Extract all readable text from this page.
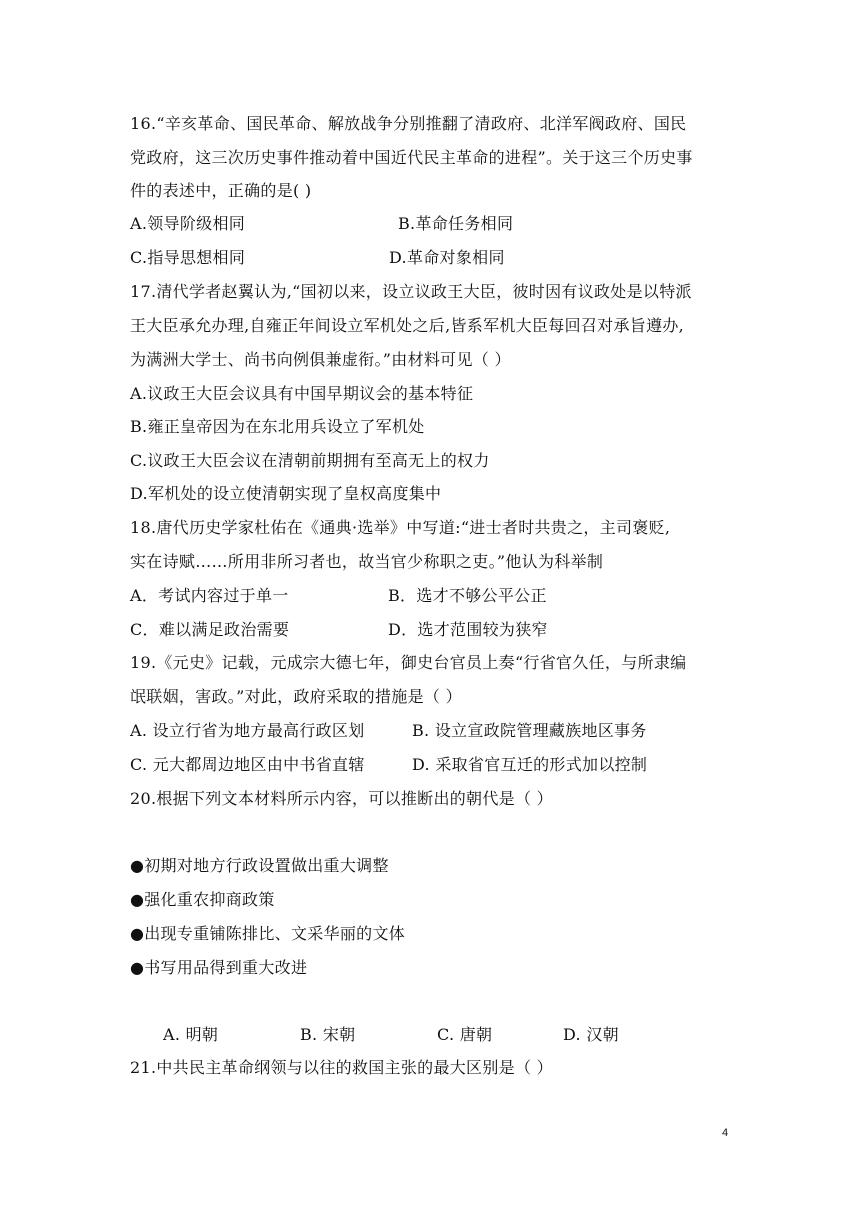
16.“辛亥革命、国民革命、解放战争分别推翻了清政府、北洋军阀政府、国民
党政府，这三次历史事件推动着中国近代民主革命的进程”。关于这三个历史事
件的表述中，正确的是( )
A.领导阶级相同	B.革命任务相同
C.指导思想相同	D.革命对象相同
17.清代学者赵翼认为,“国初以来，设立议政王大臣，彼时因有议政处是以特派
王大臣承允办理,自雍正年间设立军机处之后,皆系军机大臣每回召对承旨遵办,
为满洲大学士、尚书向例俱兼虚衔。”由材料可见（ ）
A.议政王大臣会议具有中国早期议会的基本特征
B.雍正皇帝因为在东北用兵设立了军机处
C.议政王大臣会议在清朝前期拥有至高无上的权力
D.军机处的设立使清朝实现了皇权高度集中
18.唐代历史学家杜佑在《通典·选举》中写道:“进士者时共贵之，主司褒贬,
实在诗赋……所用非所习者也，故当官少称职之吏。”他认为科举制
A．考试内容过于单一	B．选才不够公平公正
C．难以满足政治需要	D．选才范围较为狭窄
19.《元史》记载，元成宗大德七年，御史台官员上奏“行省官久任，与所隶编
氓联姻，害政。”对此，政府采取的措施是（ ）
A. 设立行省为地方最高行政区划	B. 设立宣政院管理藏族地区事务
C. 元大都周边地区由中书省直辖	D. 采取省官互迁的形式加以控制
20.根据下列文本材料所示内容，可以推断出的朝代是（ ）
●初期对地方行政设置做出重大调整
●强化重农抑商政策
●出现专重铺陈排比、文采华丽的文体
●书写用品得到重大改进
A. 明朝	B. 宋朝	C. 唐朝	D. 汉朝
21.中共民主革命纲领与以往的救国主张的最大区别是（ ）
4
